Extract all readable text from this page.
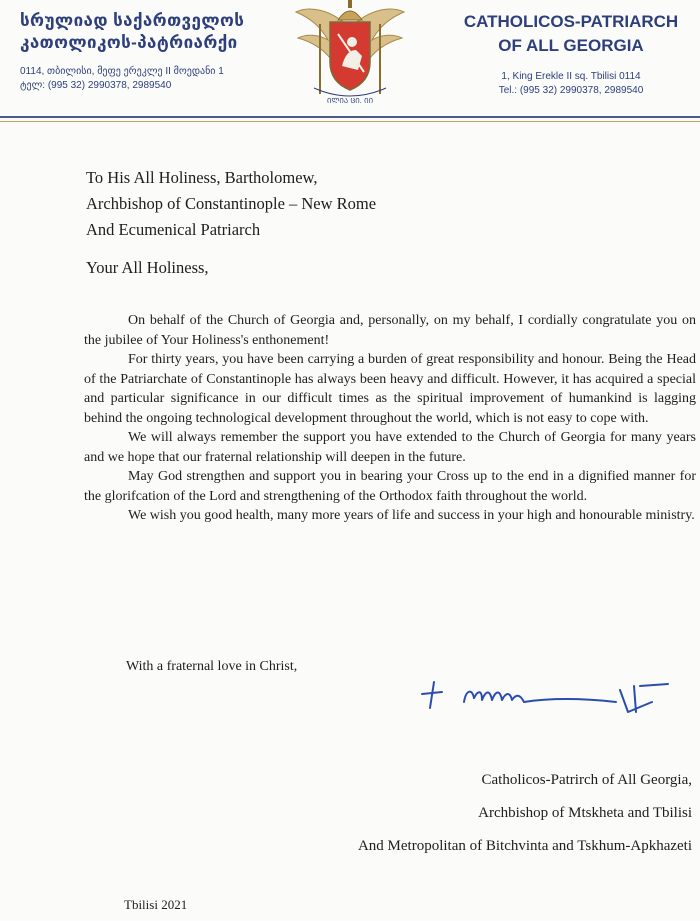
სრულიად საქართველოს
კათოლიკოს-პატრიარქი
0114, თბილისი, მეფე ერეკლე II მოედანი 1
ტელ: (995 32) 2990378, 2989540
ᲘᲚᲘᲐ ᲪᲘ. ᲘᲘ
CATHOLICOS-PATRIARCH
OF ALL GEORGIA
1, King Erekle II sq. Tbilisi 0114
Tel.: (995 32) 2990378, 2989540
To His All Holiness, Bartholomew,
Archbishop of Constantinople – New Rome
And Ecumenical Patriarch
Your All Holiness,

On behalf of the Church of Georgia and, personally, on my behalf, I cordially congratulate you on the jubilee of Your Holiness's enthonement!

For thirty years, you have been carrying a burden of great responsibility and honour. Being the Head of the Patriarchate of Constantinople has always been heavy and difficult. However, it has acquired a special and particular significance in our difficult times as the spiritual improvement of humankind is lagging behind the ongoing technological development throughout the world, which is not easy to cope with.

We will always remember the support you have extended to the Church of Georgia for many years and we hope that our fraternal relationship will deepen in the future.

May God strengthen and support you in bearing your Cross up to the end in a dignified manner for the glorifcation of the Lord and strengthening of the Orthodox faith throughout the world.

We wish you good health, many more years of life and success in your high and honourable ministry.

With a fraternal love in Christ,
Catholicos-Patrirch of All Georgia,
Archbishop of Mtskheta and Tbilisi
And Metropolitan of Bitchvinta and Tskhum-Apkhazeti
Tbilisi 2021
